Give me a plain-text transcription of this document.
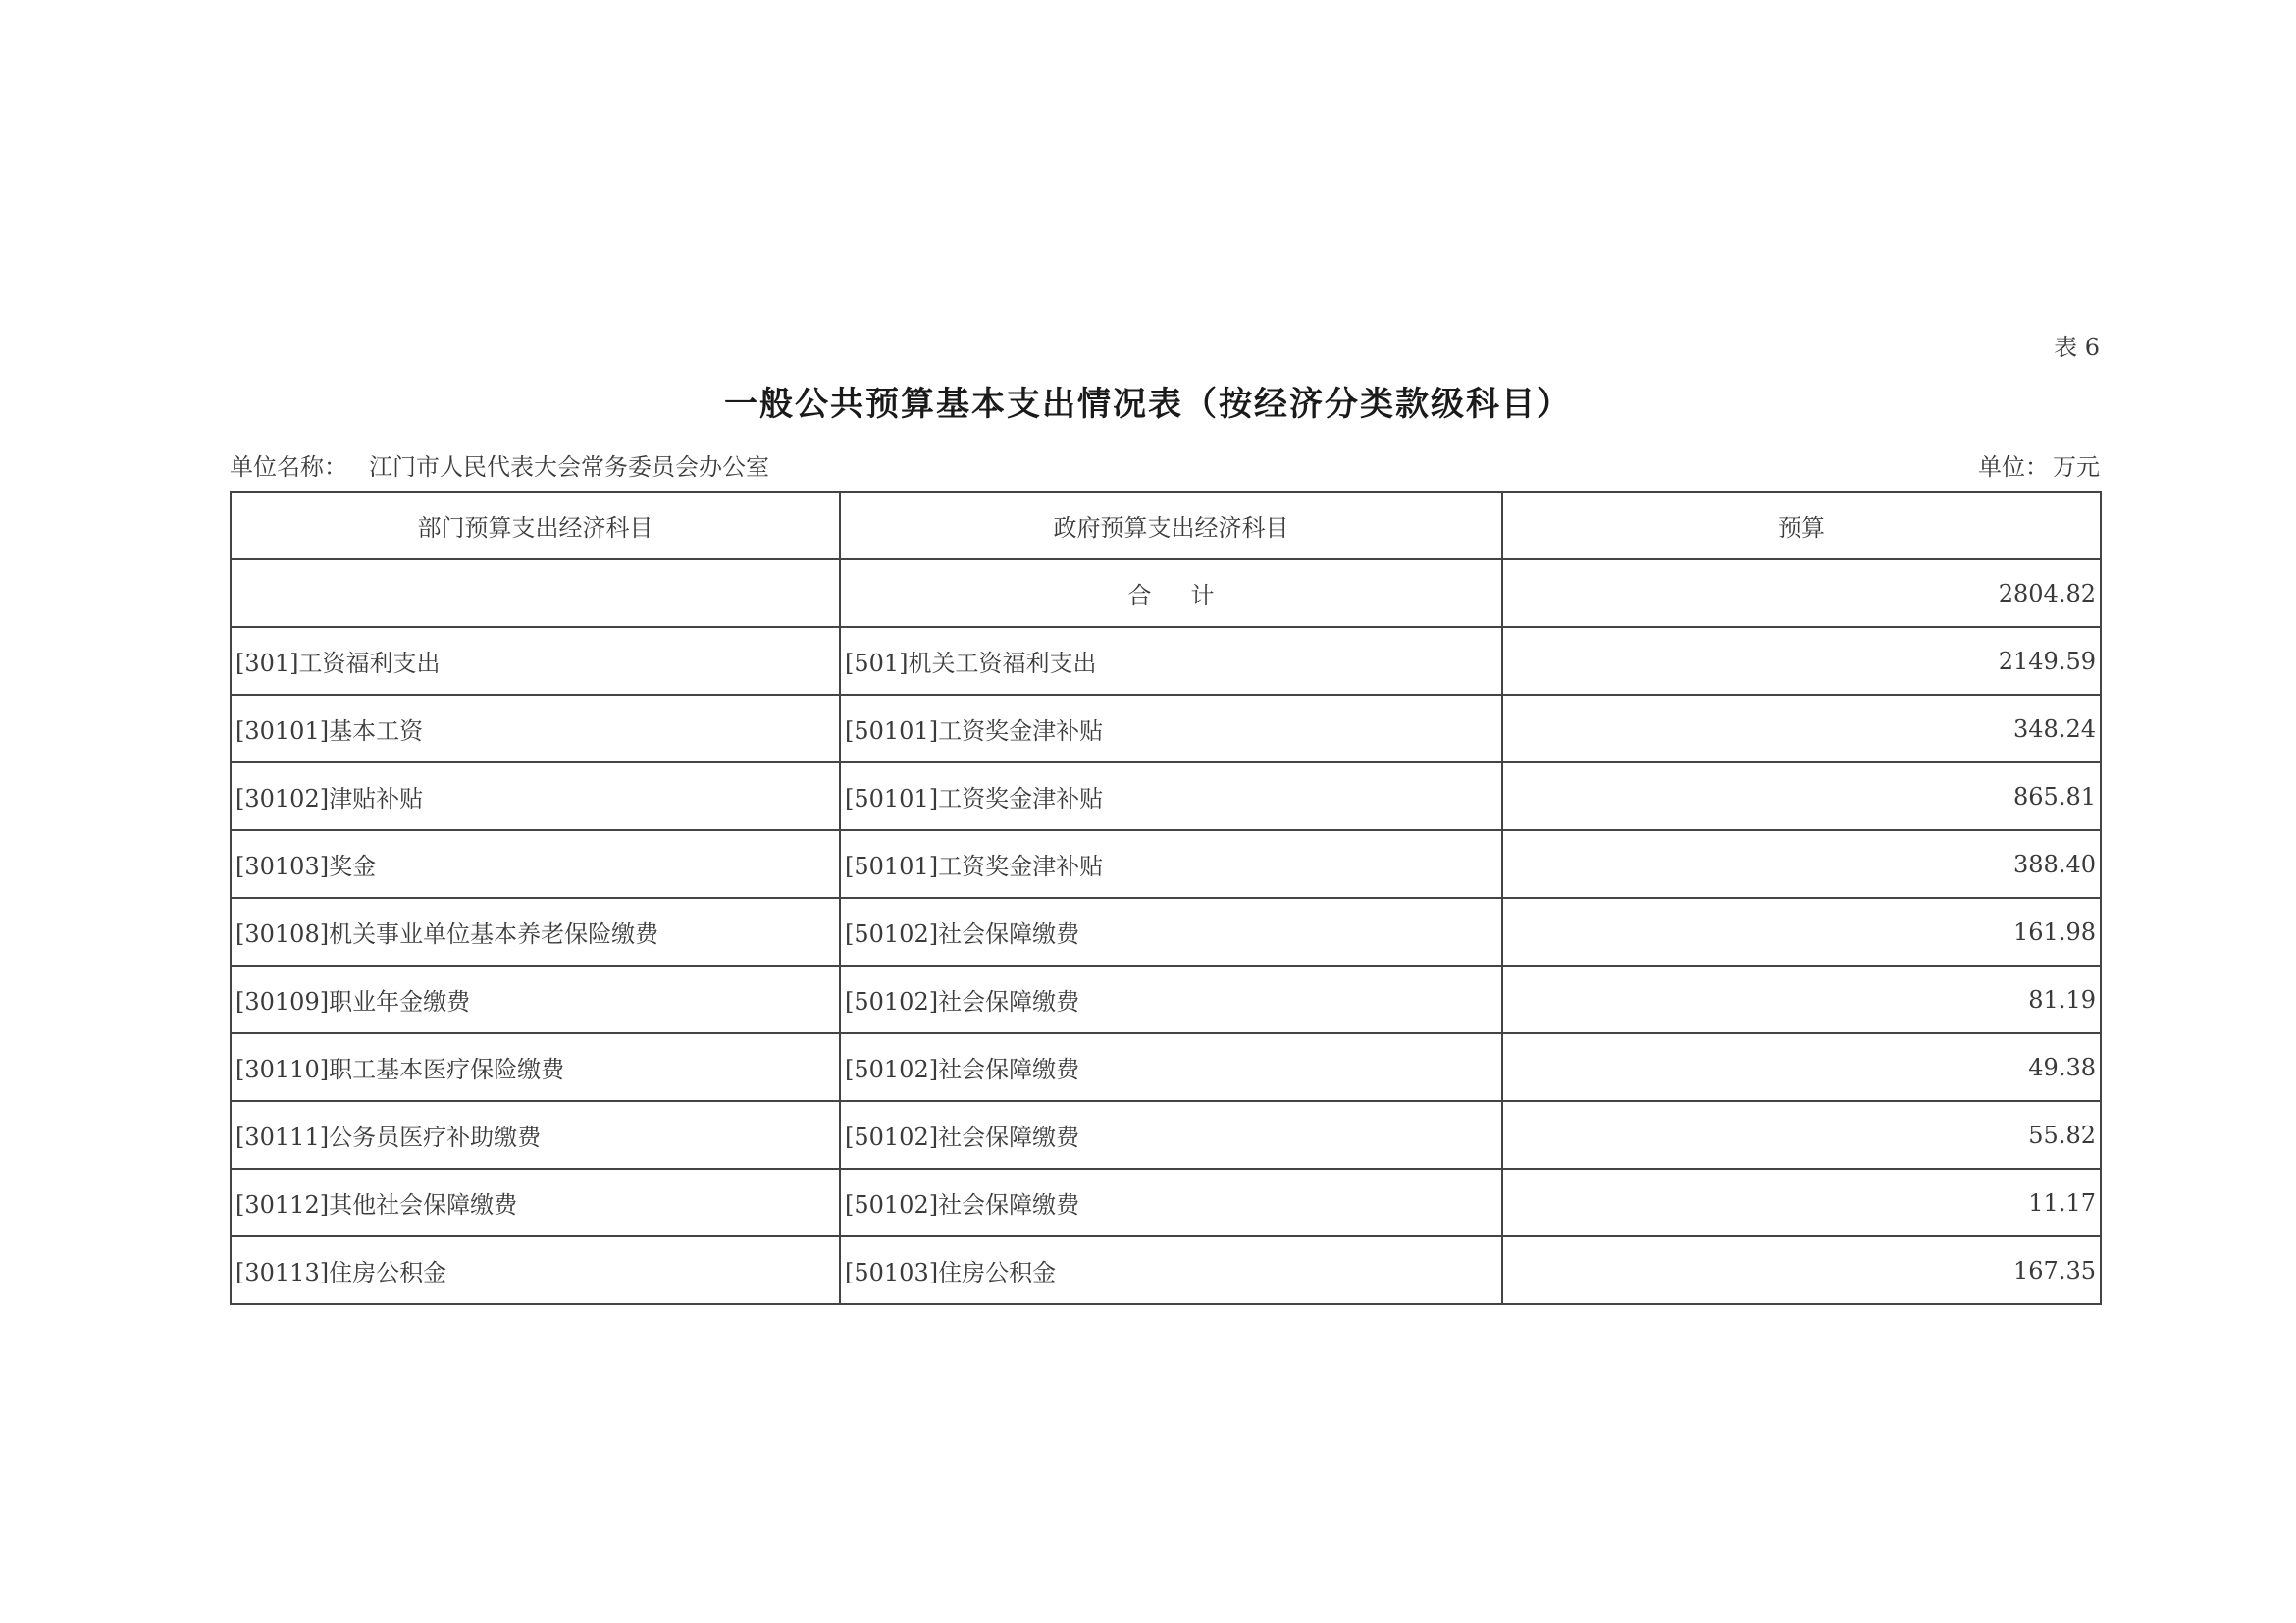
表 6
一般公共预算基本支出情况表（按经济分类款级科目）
单位名称： 江门市人民代表大会常务委员会办公室	单位： 万元
部门预算支出经济科目	政府预算支出经济科目	预算
	合计	2804.82
[301]工资福利支出	[501]机关工资福利支出	2149.59
[30101]基本工资	[50101]工资奖金津补贴	348.24
[30102]津贴补贴	[50101]工资奖金津补贴	865.81
[30103]奖金	[50101]工资奖金津补贴	388.40
[30108]机关事业单位基本养老保险缴费	[50102]社会保障缴费	161.98
[30109]职业年金缴费	[50102]社会保障缴费	81.19
[30110]职工基本医疗保险缴费	[50102]社会保障缴费	49.38
[30111]公务员医疗补助缴费	[50102]社会保障缴费	55.82
[30112]其他社会保障缴费	[50102]社会保障缴费	11.17
[30113]住房公积金	[50103]住房公积金	167.35
